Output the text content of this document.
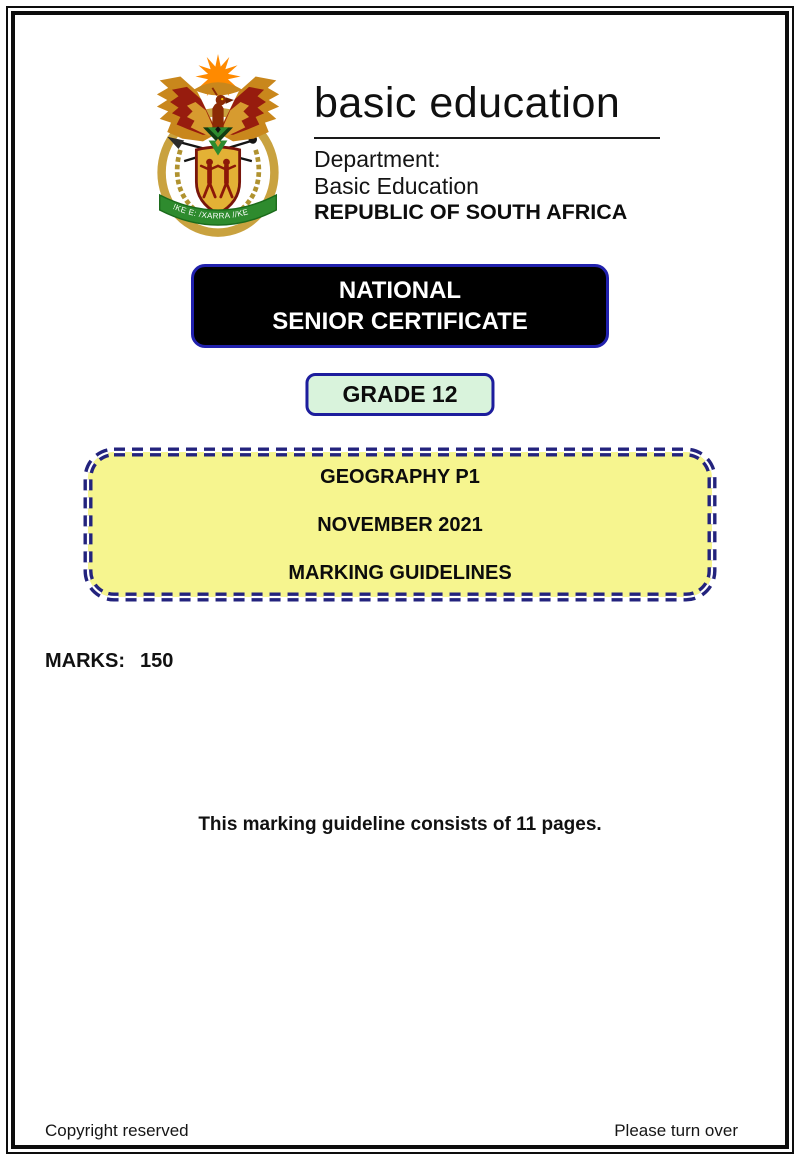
!KE E: /XARRA //KE
basic education
Department:
Basic Education
REPUBLIC OF SOUTH AFRICA
NATIONAL
SENIOR CERTIFICATE
GRADE 12
GEOGRAPHY P1
NOVEMBER 2021
MARKING GUIDELINES
MARKS: 150
This marking guideline consists of 11 pages.
Copyright reserved	Please turn over
